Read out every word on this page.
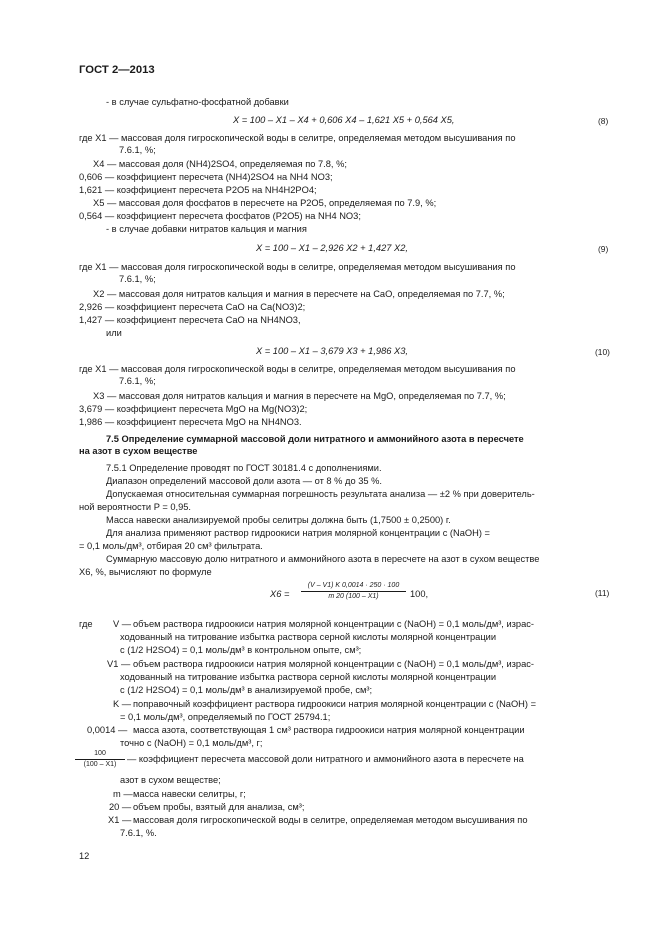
ГОСТ 2—2013
- в случае сульфатно-фосфатной добавки
X = 100 – X1 – X4 + 0,606 X4 – 1,621 X5 + 0,564 X5,	(8)
где X1 — массовая доля гигроскопической воды в селитре, определяемая методом высушивания по
7.6.1, %;
X4 — массовая доля (NH4)2SO4, определяемая по 7.8, %;
0,606 — коэффициент пересчета (NH4)2SO4 на NH4 NO3;
1,621 — коэффициент пересчета P2O5 на NH4H2PO4;
X5 — массовая доля фосфатов в пересчете на P2O5, определяемая по 7.9, %;
0,564 — коэффициент пересчета фосфатов (P2O5) на NH4 NO3;
- в случае добавки нитратов кальция и магния
X = 100 – X1 – 2,926 X2 + 1,427 X2,	(9)
где X1 — массовая доля гигроскопической воды в селитре, определяемая методом высушивания по
7.6.1, %;
X2 — массовая доля нитратов кальция и магния в пересчете на CaO, определяемая по 7.7, %;
2,926 — коэффициент пересчета CaO на Ca(NO3)2;
1,427 — коэффициент пересчета CaO на NH4NO3,
или
X = 100 – X1 – 3,679 X3 + 1,986 X3,	(10)
где X1 — массовая доля гигроскопической воды в селитре, определяемая методом высушивания по
7.6.1, %;
X3 — массовая доля нитратов кальция и магния в пересчете на MgO, определяемая по 7.7, %;
3,679 — коэффициент пересчета MgO на Mg(NO3)2;
1,986 — коэффициент пересчета MgO на NH4NO3.
7.5 Определение суммарной массовой доли нитратного и аммонийного азота в пересчете
на азот в сухом веществе
7.5.1 Определение проводят по ГОСТ 30181.4 с дополнениями.
Диапазон определений массовой доли азота — от 8 % до 35 %.
Допускаемая относительная суммарная погрешность результата анализа — ±2 % при доверитель-
ной вероятности P = 0,95.
Масса навески анализируемой пробы селитры должна быть (1,7500 ± 0,2500) г.
Для анализа применяют раствор гидроокиси натрия молярной концентрации c (NaOH) =
= 0,1 моль/дм³, отбирая 20 см³ фильтрата.
Суммарную массовую долю нитратного и аммонийного азота в пересчете на азот в сухом веществе
X6, %, вычисляют по формуле
$X6 = \frac{(V - V1) K 0,0014 \cdot 250 \cdot 100}{m 20 (100 - X1)} 100$,	(11)
где V — объем раствора гидроокиси натрия молярной концентрации c (NaOH) = 0,1 моль/дм³, израс-
ходованный на титрование избытка раствора серной кислоты молярной концентрации
c (1/2 H2SO4) = 0,1 моль/дм³ в контрольном опыте, см³;
V1 — объем раствора гидроокиси натрия молярной концентрации c (NaOH) = 0,1 моль/дм³, израс-
ходованный на титрование избытка раствора серной кислоты молярной концентрации
c (1/2 H2SO4) = 0,1 моль/дм³ в анализируемой пробе, см³;
K — поправочный коэффициент раствора гидроокиси натрия молярной концентрации c (NaOH) =
= 0,1 моль/дм³, определяемый по ГОСТ 25794.1;
0,0014 — масса азота, соответствующая 1 см³ раствора гидроокиси натрия молярной концентрации
точно c (NaOH) = 0,1 моль/дм³, г;
$\frac{100}{(100 - X1)}$ — коэффициент пересчета массовой доли нитратного и аммонийного азота в пересчете на
азот в сухом веществе;
m — масса навески селитры, г;
20 — объем пробы, взятый для анализа, см³;
X1 — массовая доля гигроскопической воды в селитре, определяемая методом высушивания по
7.6.1, %.
12
